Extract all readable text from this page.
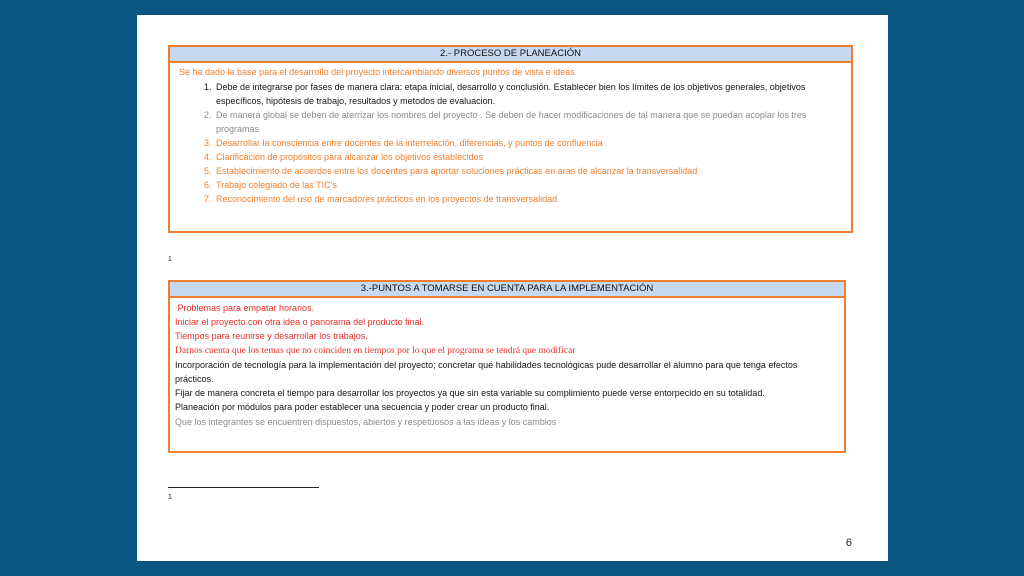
2.- PROCESO DE PLANEACIÓN
Se ha dado la base para el desarrollo del proyecto intercambiando diversos puntos de vista e ideas
1. Debe de integrarse por fases de manera clara: etapa inicial, desarrollo y conclusión. Establecer bien los límites de los objetivos generales, objetivos específicos, hipótesis de trabajo, resultados y metodos de evaluacion.
2. De manera global se deben de aterrizar los nombres del proyecto . Se deben de hacer modificaciones de tal manera que se puedan acoplar los tres programas
3. Desarrollar la consciencia entre docentes de la interrelación, diferencias, y puntos de confluencia
4. Clarificación de propósitos para alcanzar los objetivos establecidos
5. Establecimiento de acuerdos entre los docentes para aportar soluciones prácticas en aras de alcanzar la transversalidad
6. Trabajo colegiado de las TIC’s
7. Reconocimiento del uso de marcadores prácticos en los proyectos de transversalidad
1
3.-PUNTOS A TOMARSE EN CUENTA PARA LA IMPLEMENTACIÓN

Problemas para empatar horarios.

Iniciar el proyecto con otra idea o panorama del producto final.

Tiempos para reunirse y desarrollar los trabajos.

Darnos cuenta que los temas que no coinciden en tiempos por lo que el programa se tendrá que modificar

Incorporación de tecnología para la implementación del proyecto; concretar qué habilidades tecnológicas pude desarrollar el alumno para que tenga efectos prácticos.

Fijar de manera concreta el tiempo para desarrollar los proyectos ya que sin esta variable su complimiento puede verse entorpecido en su totalidad.

Planeación por módulos para poder establecer una secuencia y poder crear un producto final.

Que los integrantes se encuentren dispuestos, abiertos y respetuosos a las ideas y los cambios

1
6
